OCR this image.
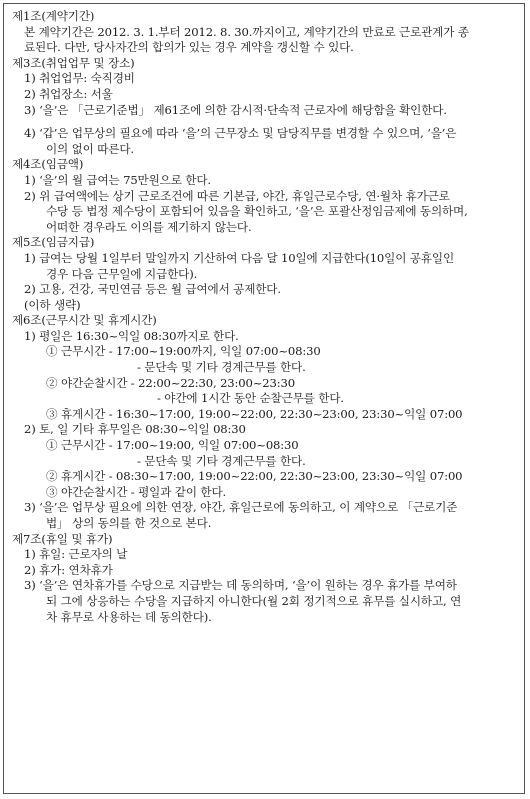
제1조(계약기간)
본 계약기간은 2012. 3. 1.부터 2012. 8. 30.까지이고, 계약기간의 만료로 근로관계가 종
료된다. 다만, 당사자간의 합의가 있는 경우 계약을 갱신할 수 있다.
제3조(취업업무 및 장소)
1) 취업업무: 숙직경비
2) 취업장소: 서울
3) ‘을’은 「근로기준법」 제61조에 의한 감시적·단속적 근로자에 해당함을 확인한다.
4) ‘갑’은 업무상의 필요에 따라 ‘을’의 근무장소 및 담당직무를 변경할 수 있으며, ‘을’은
이의 없이 따른다.
제4조(임금액)
1) ‘을’의 월 급여는 75만원으로 한다.
2) 위 급여액에는 상기 근로조건에 따른 기본급, 야간, 휴일근로수당, 연·월차 휴가근로
수당 등 법정 제수당이 포함되어 있음을 확인하고, ‘을’은 포괄산정임금제에 동의하며,
어떠한 경우라도 이의를 제기하지 않는다.
제5조(임금지급)
1) 급여는 당월 1일부터 말일까지 기산하여 다음 달 10일에 지급한다(10일이 공휴일인
경우 다음 근무일에 지급한다).
2) 고용, 건강, 국민연금 등은 월 급여에서 공제한다.
(이하 생략)
제6조(근무시간 및 휴게시간)
1) 평일은 16:30~익일 08:30까지로 한다.
① 근무시간 - 17:00~19:00까지, 익일 07:00~08:30
- 문단속 및 기타 경계근무를 한다.
② 야간순찰시간 - 22:00~22:30, 23:00~23:30
- 야간에 1시간 동안 순찰근무를 한다.
③ 휴게시간 - 16:30~17:00, 19:00~22:00, 22:30~23:00, 23:30~익일 07:00
2) 토, 일 기타 휴무일은 08:30~익일 08:30
① 근무시간 - 17:00~19:00, 익일 07:00~08:30
- 문단속 및 기타 경계근무를 한다.
② 휴게시간 - 08:30~17:00, 19:00~22:00, 22:30~23:00, 23:30~익일 07:00
③ 야간순찰시간 - 평일과 같이 한다.
3) ‘을’은 업무상 필요에 의한 연장, 야간, 휴일근로에 동의하고, 이 계약으로 「근로기준
법」 상의 동의를 한 것으로 본다.
제7조(휴일 및 휴가)
1) 휴일: 근로자의 날
2) 휴가: 연차휴가
3) ‘을’은 연차휴가를 수당으로 지급받는 데 동의하며, ‘을’이 원하는 경우 휴가를 부여하
되 그에 상응하는 수당을 지급하지 아니한다(월 2회 정기적으로 휴무를 실시하고, 연
차 휴무로 사용하는 데 동의한다).
